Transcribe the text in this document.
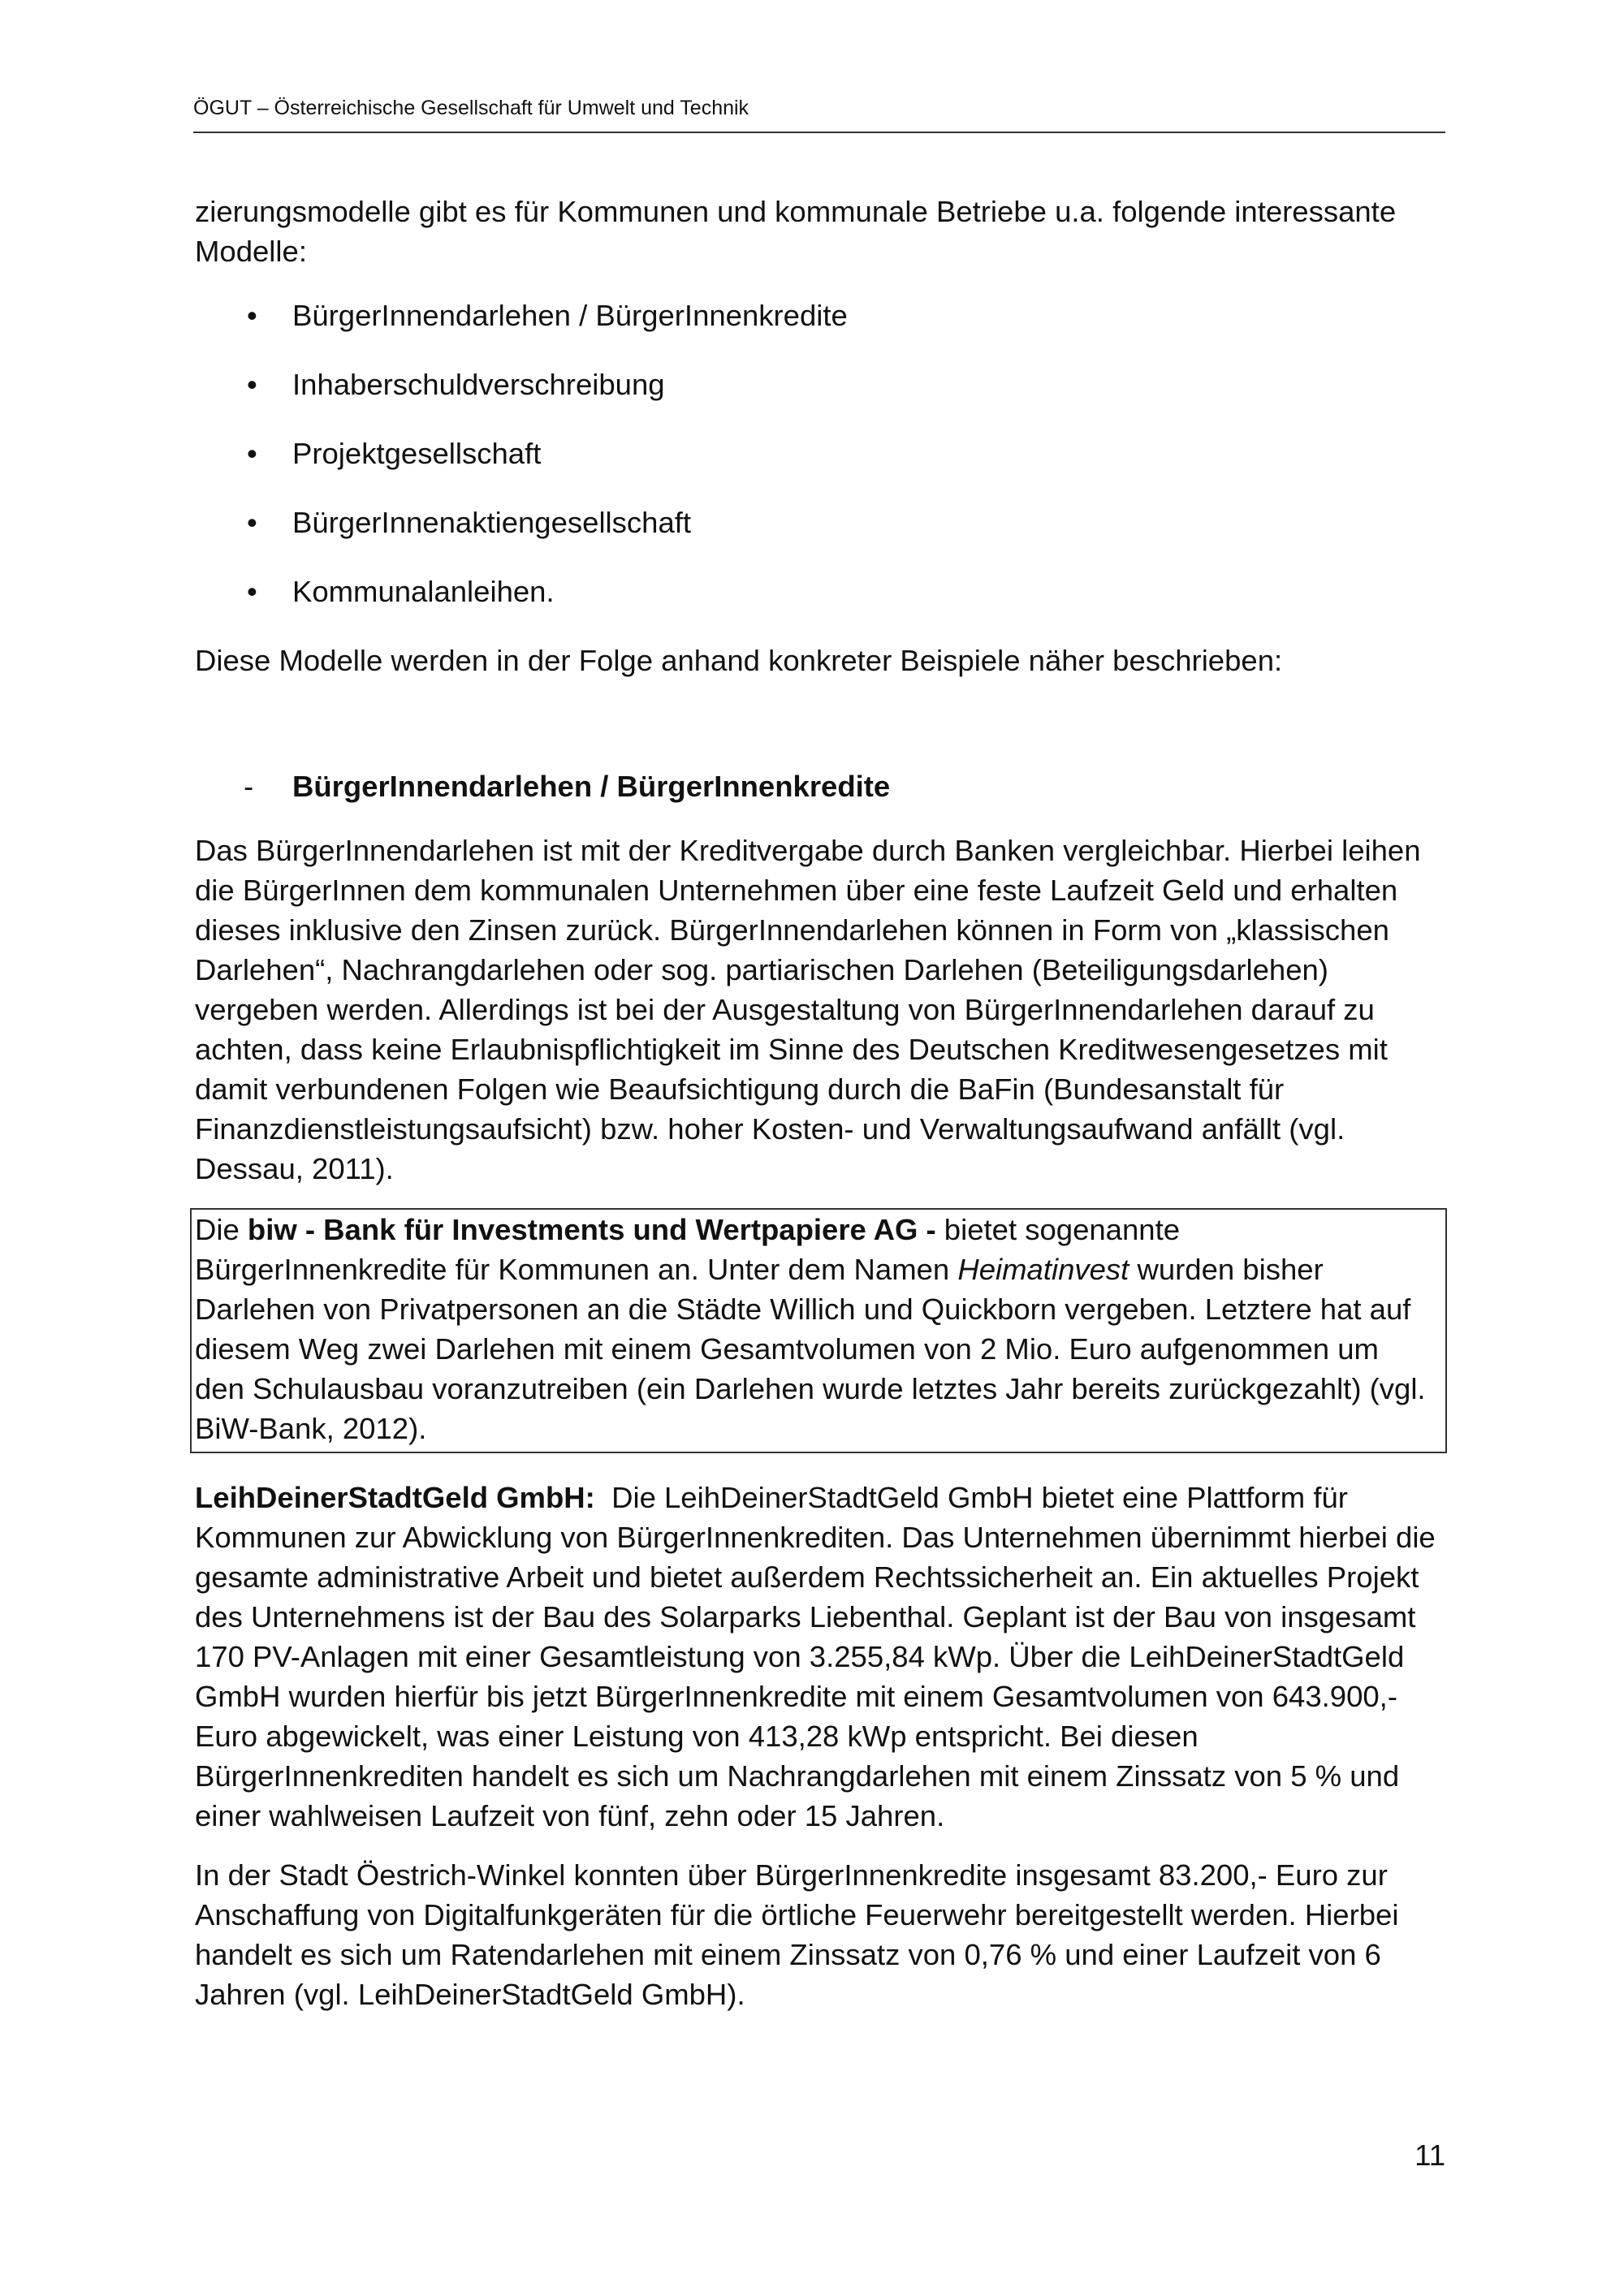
ÖGUT – Österreichische Gesellschaft für Umwelt und Technik

zierungsmodelle gibt es für Kommunen und kommunale Betriebe u.a. folgende interessante Modelle:

• BürgerInnendarlehen / BürgerInnenkredite
• Inhaberschuldverschreibung
• Projektgesellschaft
• BürgerInnenaktiengesellschaft
• Kommunalanleihen.

Diese Modelle werden in der Folge anhand konkreter Beispiele näher beschrieben:

- BürgerInnendarlehen / BürgerInnenkredite

Das BürgerInnendarlehen ist mit der Kreditvergabe durch Banken vergleichbar. Hierbei leihen die BürgerInnen dem kommunalen Unternehmen über eine feste Laufzeit Geld und erhalten dieses inklusive den Zinsen zurück. BürgerInnendarlehen können in Form von „klassischen Darlehen“, Nachrangdarlehen oder sog. partiarischen Darlehen (Beteiligungsdarlehen) vergeben werden. Allerdings ist bei der Ausgestaltung von BürgerInnendarlehen darauf zu achten, dass keine Erlaubnispflichtigkeit im Sinne des Deutschen Kreditwesengesetzes mit damit verbundenen Folgen wie Beaufsichtigung durch die BaFin (Bundesanstalt für Finanzdienstleistungsaufsicht) bzw. hoher Kosten- und Verwaltungsaufwand anfällt (vgl. Dessau, 2011).

Die biw - Bank für Investments und Wertpapiere AG - bietet sogenannte BürgerInnenkredite für Kommunen an. Unter dem Namen Heimatinvest wurden bisher Darlehen von Privatpersonen an die Städte Willich und Quickborn vergeben. Letztere hat auf diesem Weg zwei Darlehen mit einem Gesamtvolumen von 2 Mio. Euro aufgenommen um den Schulausbau voranzutreiben (ein Darlehen wurde letztes Jahr bereits zurückgezahlt) (vgl. BiW-Bank, 2012).

LeihDeinerStadtGeld GmbH:  Die LeihDeinerStadtGeld GmbH bietet eine Plattform für Kommunen zur Abwicklung von BürgerInnenkrediten. Das Unternehmen übernimmt hierbei die gesamte administrative Arbeit und bietet außerdem Rechtssicherheit an. Ein aktuelles Projekt des Unternehmens ist der Bau des Solarparks Liebenthal. Geplant ist der Bau von insgesamt 170 PV-Anlagen mit einer Gesamtleistung von 3.255,84 kWp. Über die LeihDeinerStadtGeld GmbH wurden hierfür bis jetzt BürgerInnenkredite mit einem Gesamtvolumen von 643.900,- Euro abgewickelt, was einer Leistung von 413,28 kWp entspricht. Bei diesen BürgerInnenkrediten handelt es sich um Nachrangdarlehen mit einem Zinssatz von 5 % und einer wahlweisen Laufzeit von fünf, zehn oder 15 Jahren.

In der Stadt Öestrich-Winkel konnten über BürgerInnenkredite insgesamt 83.200,- Euro zur Anschaffung von Digitalfunkgeräten für die örtliche Feuerwehr bereitgestellt werden. Hierbei handelt es sich um Ratendarlehen mit einem Zinssatz von 0,76 % und einer Laufzeit von 6 Jahren (vgl. LeihDeinerStadtGeld GmbH).

11
